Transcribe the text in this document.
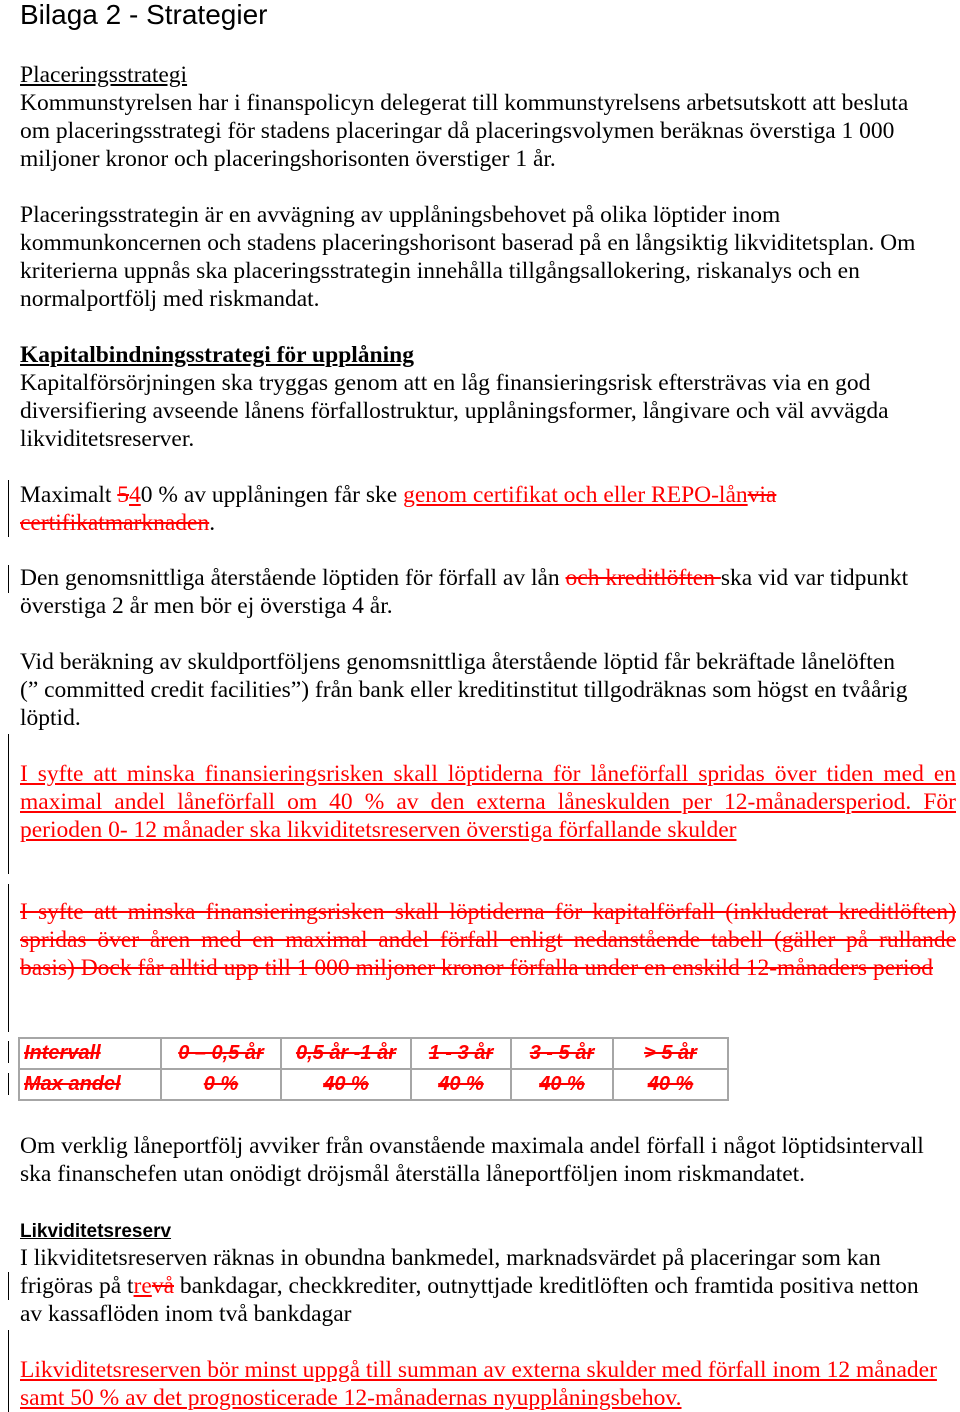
Bilaga 2 - Strategier
Placeringsstrategi
Kommunstyrelsen har i finanspolicyn delegerat till kommunstyrelsens arbetsutskott att besluta
om placeringsstrategi för stadens placeringar då placeringsvolymen beräknas överstiga 1 000
miljoner kronor och placeringshorisonten överstiger 1 år.
Placeringsstrategin är en avvägning av upplåningsbehovet på olika löptider inom
kommunkoncernen och stadens placeringshorisont baserad på en långsiktig likviditetsplan. Om
kriterierna uppnås ska placeringsstrategin innehålla tillgångsallokering, riskanalys och en
normalportfölj med riskmandat.
Kapitalbindningsstrategi för upplåning
Kapitalförsörjningen ska tryggas genom att en låg finansieringsrisk eftersträvas via en god
diversifiering avseende lånens förfallostruktur, upplåningsformer, långivare och väl avvägda
likviditetsreserver.
Maximalt 540 % av upplåningen får ske genom certifikat och eller REPO-lånvia
certifikatmarknaden.
Den genomsnittliga återstående löptiden för förfall av lån och kreditlöften ska vid var tidpunkt
överstiga 2 år men bör ej överstiga 4 år.
Vid beräkning av skuldportföljens genomsnittliga återstående löptid får bekräftade lånelöften
(” committed credit facilities”) från bank eller kreditinstitut tillgodräknas som högst en tvåårig
löptid.
I syfte att minska finansieringsrisken skall löptiderna för låneförfall spridas över tiden med en
maximal andel låneförfall om 40 % av den externa låneskulden per 12-månadersperiod. För
perioden 0- 12 månader ska likviditetsreserven överstiga förfallande skulder
I syfte att minska finansieringsrisken skall löptiderna för kapitalförfall (inkluderat kreditlöften)
spridas över åren med en maximal andel förfall enligt nedanstående tabell (gäller på rullande
basis) Dock får alltid upp till 1 000 miljoner kronor förfalla under en enskild 12-månaders period
Intervall	0 – 0,5 år	0,5 år -1 år	1 - 3 år	3 - 5 år	> 5 år
Max andel	0 %	40 %	40 %	40 %	40 %
Om verklig låneportfölj avviker från ovanstående maximala andel förfall i något löptidsintervall
ska finanschefen utan onödigt dröjsmål återställa låneportföljen inom riskmandatet.
Likviditetsreserv
I likviditetsreserven räknas in obundna bankmedel, marknadsvärdet på placeringar som kan
frigöras på trevå bankdagar, checkkrediter, outnyttjade kreditlöften och framtida positiva netton
av kassaflöden inom två bankdagar
Likviditetsreserven bör minst uppgå till summan av externa skulder med förfall inom 12 månader
samt 50 % av det prognosticerade 12-månadernas nyupplåningsbehov.
